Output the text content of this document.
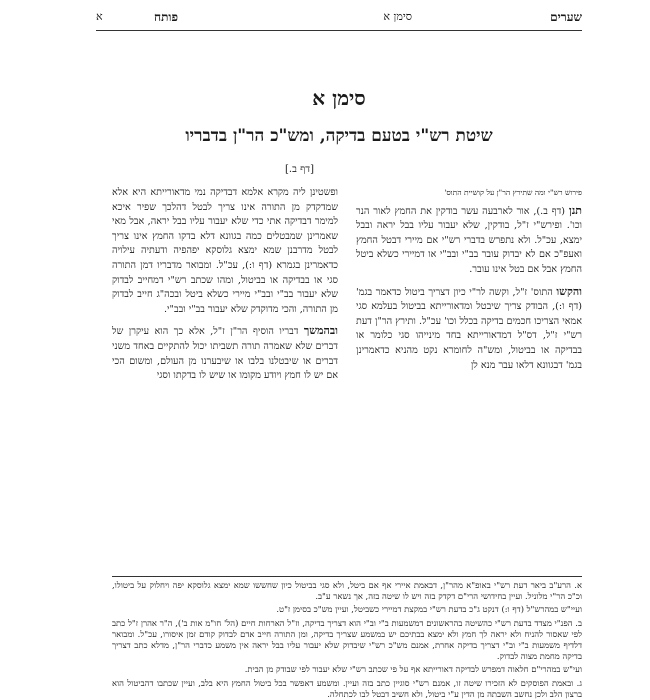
שערים
סימן א
פותח
א
סימן א
שיטת רש"י בטעם בדיקה, ומש"כ הר"ן בדבריו
[דף ב.]
פירוש רש"י ומה שתירץ הר"ן על קושיית התוס'

תנן (דף ב.), אור לארבעה עשר בודקין את החמץ לאור הנר וכו'. ופירש"י ז"ל, בודקין, שלא יעבור עליו בבל יראה ובבל ימצא, עכ"ל. ולא נתפרש בדברי רש"י אם מיירי דבטל החמץ ואעפ"כ אם לא יבדוק עובר בב"י ובב"י או דמיירי כשלא ביטל החמץ אבל אם בטל אינו עובר.

והקשו התוס' ז"ל, וקשה לר"י כיון דצריך ביטול כדאמר בגמ' (דף ו:), הבודק צריך שיבטל ומדאורייתא בביטול בעלמא סגי אמאי הצריכו חכמים בדיקה בכלל וכו' עכ"ל. ותירץ הר"ן דעת רש"י ז"ל, דס"ל דמדאורייתא בחד מינייהו סגי כלומר או בבדיקה או בביטול, ומש"ה לחומרא נקט מהניא כדאמרינן בגמ' דבגוונא דלאו עבר מנא לן

ופשטינן ליה מקרא אלמא דבדיקה נמי מדאורייתא היא אלא שמדקדק מן התורה אינו צריך לבטל דהלכך שפיר איכא למימר דבדיקה אתי כדי שלא יעבור עליו בבל יראה, אבל מאי שאמרינן שמבטלים כמה בגוונא דלא בדקו החמץ אינו צריך לבטל מדרבנן שמא ימצא גלוסקא יפהפיה ודעתיה עילויה כדאמרינן בגמרא (דף ו:), עכ"ל. ומבואר מדבריו דמן התורה סגי או בבדיקה או בביטול, ומהו שכתב רש"י דמחייב לבדוק שלא יעבור בב"י ובב"י מיירי כשלא ביטל ובכה"ג חייב לבדוק מן התורה, והכי מדוקדק שלא יעבור בב"י ובב"י.

ובהמשך דבריו הוסיף הר"ן ז"ל, אלא כך הוא עיקרן של דברים שלא שאמרה תורה תשביתו יכול להתקיים באחד משני דברים או שיבטלנו בלבו או שיבערנו מן העולם, ומשום הכי אם יש לו חמץ ויודע מקומו או שיש לו בדקתו וסגי

א. הרע"ב ביאר דעת רש"י באופ"א מהר"ן, דבאמת איירי אף אם ביטל, ולא סגי בביטול כיון שחששו שמא ימצא גלוסקא יפה ויחלוק על ביטולו, וכ"כ הר"י מלוניל. ועיין בחידושי הרי"ם דקדק בזה ויש לו שיטה בזה, אך נשאר ע"ב.

ועיי"ש במהרש"ל (דף ו:) דנקט ג"כ בדעת רש"י במקצת דמיירי כשביטל, ועיין מש"כ בסימן ז"ט.

ב. הפנ"י מצדד בדעת רש"י כהשיטה בהראשונים דמשמעות ב"י וב"י הוא דצריך בדיקה, וז"ל הארחות חיים (הל' חו"מ אות ב'), ה"ר אהרן ז"ל כתב לפי שאסור להניח ולא יראה לך חמץ ולא ימצא בבתיכם יש במשמע שצריך בדיקה, ומן התורה חייב אדם לבדוק קודם זמן איסורו, עכ"ל. ומבואר דלדיף משמעות ב"י וב"י דצריך בדיקה אחרת, אמנם מש"כ רש"י שיבדוק שלא יעבור עליו בבל יראה אין משמע כדברי הר"ן, מדלא כתב דצריך בדיקה מחמת מצוה לבדוק.

ועי"ש במהרי"ם חלאוה דמפרש לבדיקה דאורייתא אף על פי שכתב רש"י שלא יעבור לפי שבודק מן הבית.

ג. ובאמת הפוסקים לא הזכירו שיטה זו, אמנם רש"י סוגיין כתב בזה ועיין. ומשמע דאפשר בכל ביטול החמץ היא בלב, ועיין שכתבו דהביטול הוא ברצון הלב ולכן נחשב השבתה מן הדין ע"י ביטול, ולא חשיב דבטל לבו לכתחלה.
